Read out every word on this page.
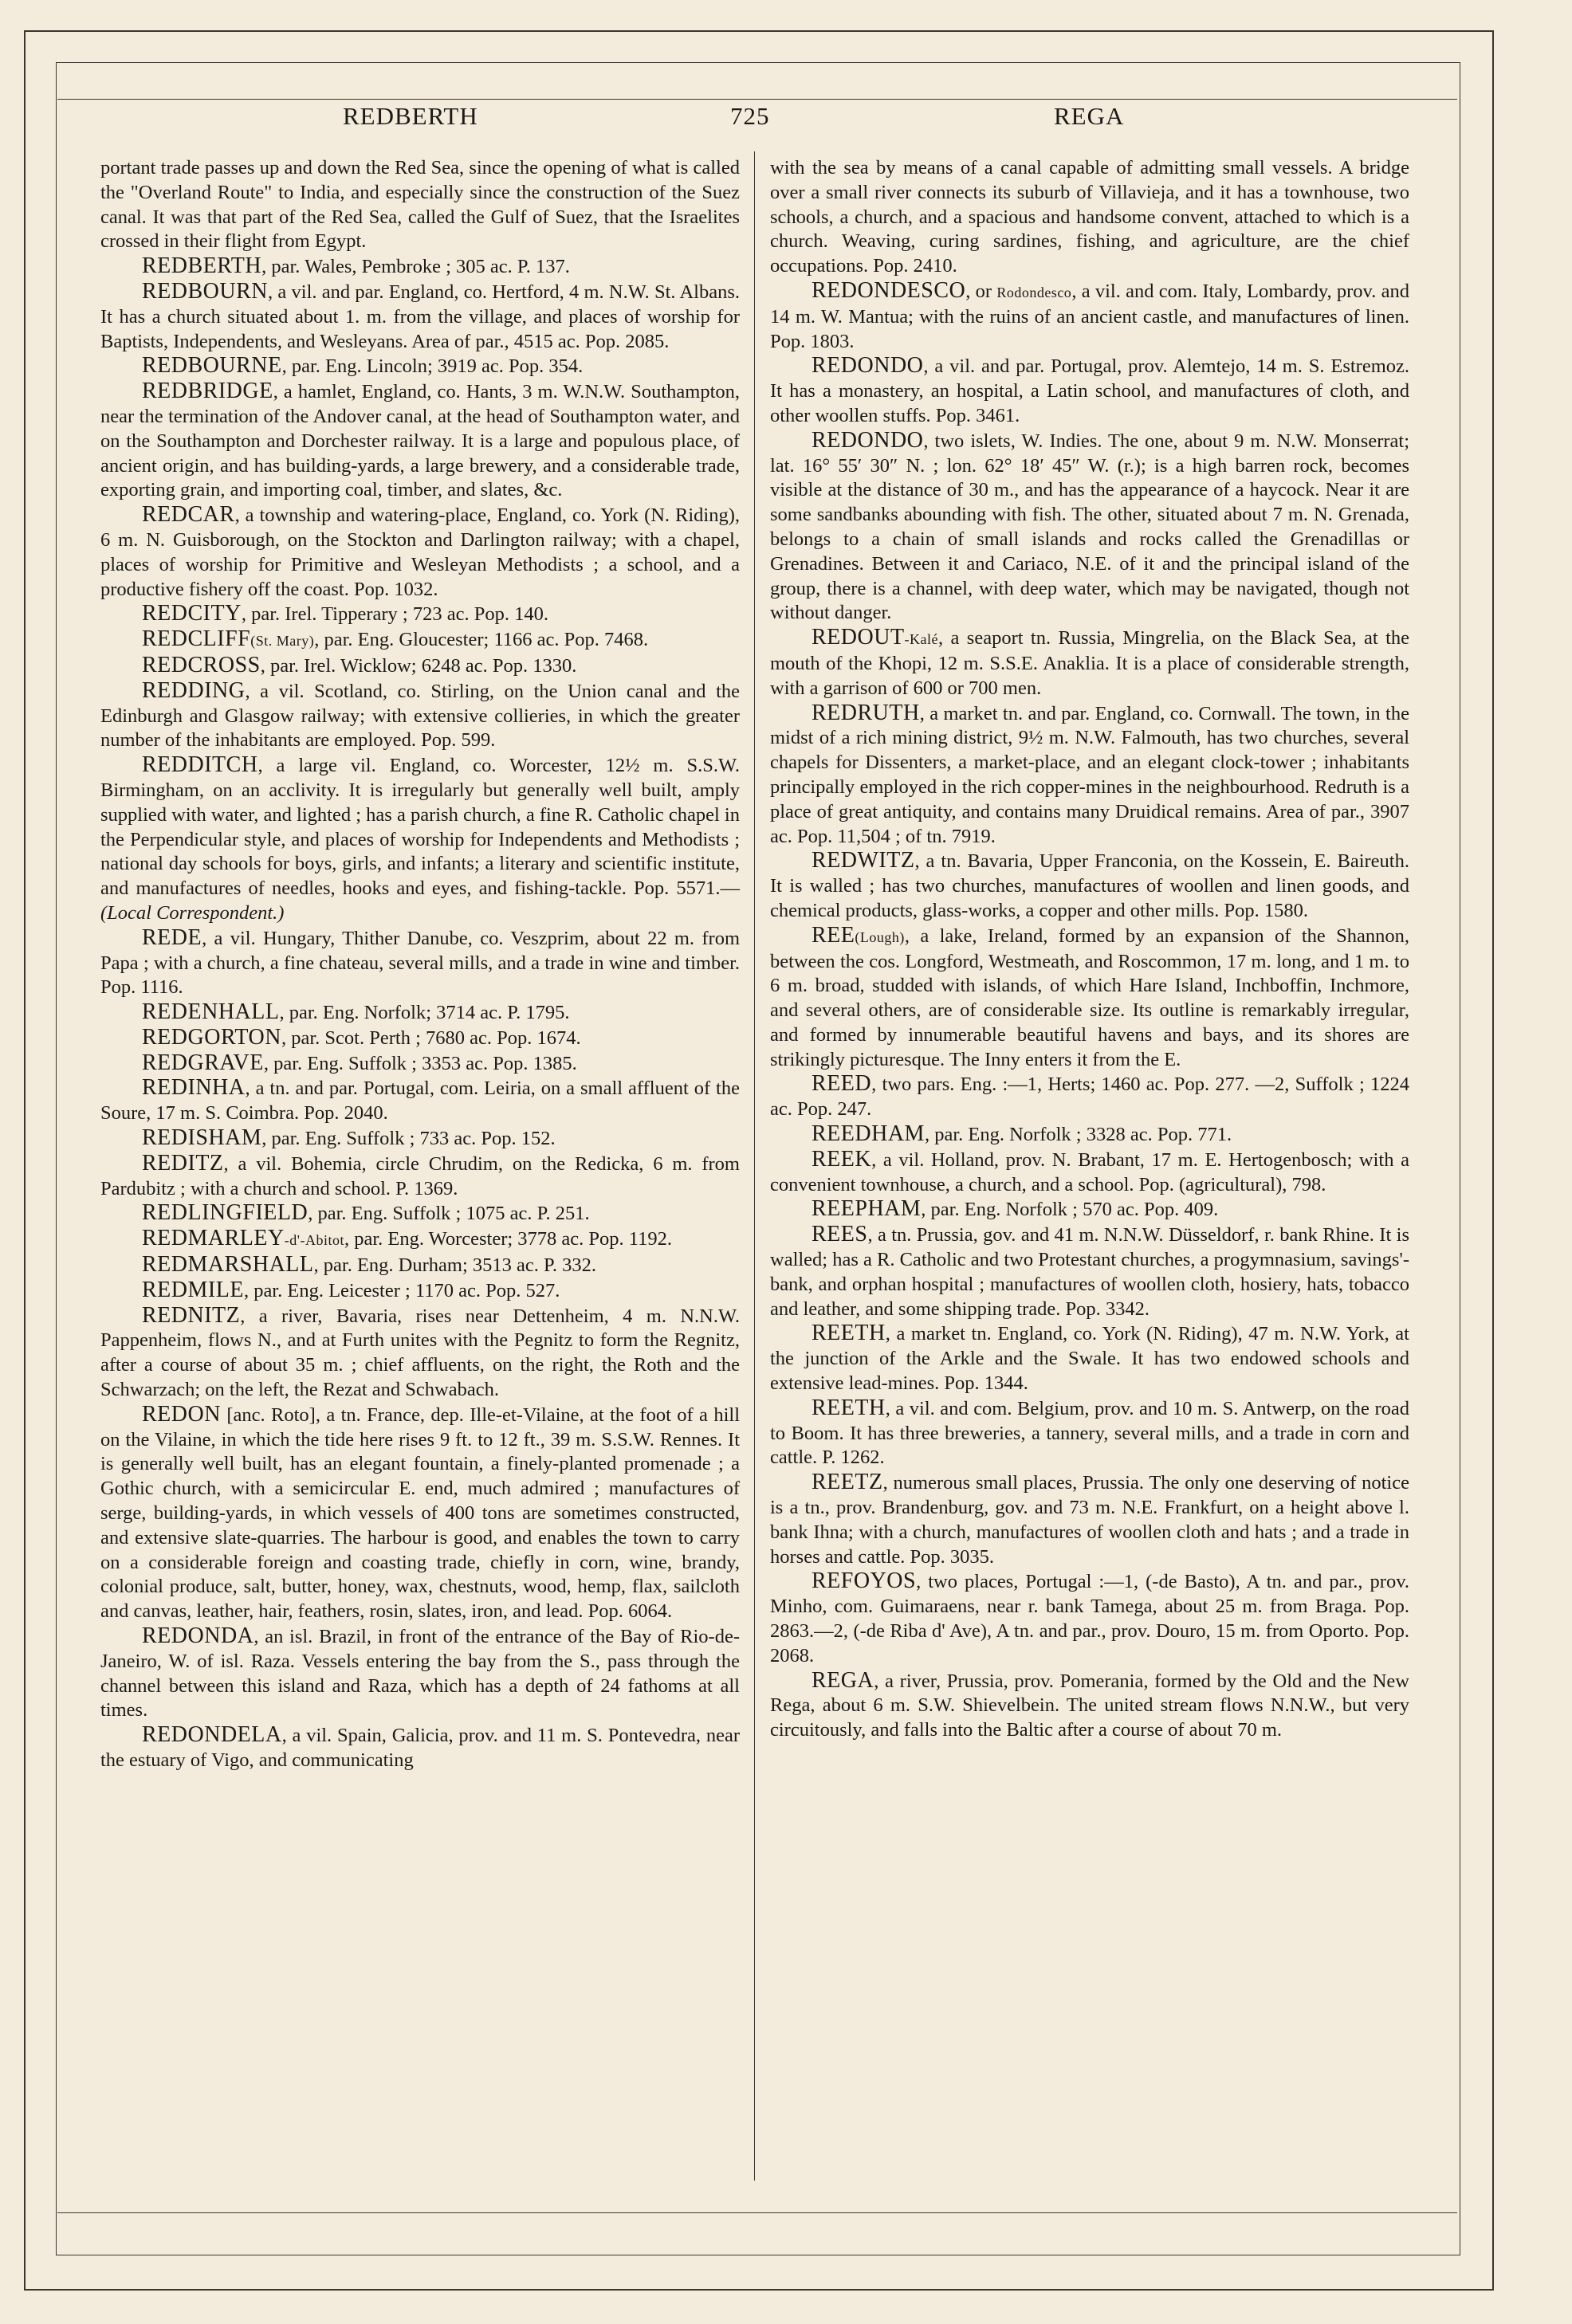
REDBERTH	725	REGA

portant trade passes up and down the Red Sea, since the opening of what is called the "Overland Route" to India, and especially since the construction of the Suez canal. It was that part of the Red Sea, called the Gulf of Suez, that the Israelites crossed in their flight from Egypt.

REDBERTH, par. Wales, Pembroke ; 305 ac. P. 137.

REDBOURN, a vil. and par. England, co. Hertford, 4 m. N.W. St. Albans. It has a church situated about 1. m. from the village, and places of worship for Baptists, Independents, and Wesleyans. Area of par., 4515 ac. Pop. 2085.

REDBOURNE, par. Eng. Lincoln; 3919 ac. Pop. 354.

REDBRIDGE, a hamlet, England, co. Hants, 3 m. W.N.W. Southampton, near the termination of the Andover canal, at the head of Southampton water, and on the Southampton and Dorchester railway. It is a large and populous place, of ancient origin, and has building-yards, a large brewery, and a considerable trade, exporting grain, and importing coal, timber, and slates, &c.

REDCAR, a township and watering-place, England, co. York (N. Riding), 6 m. N. Guisborough, on the Stockton and Darlington railway; with a chapel, places of worship for Primitive and Wesleyan Methodists ; a school, and a productive fishery off the coast. Pop. 1032.

REDCITY, par. Irel. Tipperary ; 723 ac. Pop. 140.

REDCLIFF(St. Mary), par. Eng. Gloucester; 1166 ac. Pop. 7468.

REDCROSS, par. Irel. Wicklow; 6248 ac. Pop. 1330.

REDDING, a vil. Scotland, co. Stirling, on the Union canal and the Edinburgh and Glasgow railway; with extensive collieries, in which the greater number of the inhabitants are employed. Pop. 599.

REDDITCH, a large vil. England, co. Worcester, 12½ m. S.S.W. Birmingham, on an acclivity. It is irregularly but generally well built, amply supplied with water, and lighted ; has a parish church, a fine R. Catholic chapel in the Perpendicular style, and places of worship for Independents and Methodists ; national day schools for boys, girls, and infants; a literary and scientific institute, and manufactures of needles, hooks and eyes, and fishing-tackle. Pop. 5571.—(Local Correspondent.)

REDE, a vil. Hungary, Thither Danube, co. Veszprim, about 22 m. from Papa ; with a church, a fine chateau, several mills, and a trade in wine and timber. Pop. 1116.

REDENHALL, par. Eng. Norfolk; 3714 ac. P. 1795.

REDGORTON, par. Scot. Perth ; 7680 ac. Pop. 1674.

REDGRAVE, par. Eng. Suffolk ; 3353 ac. Pop. 1385.

REDINHA, a tn. and par. Portugal, com. Leiria, on a small affluent of the Soure, 17 m. S. Coimbra. Pop. 2040.

REDISHAM, par. Eng. Suffolk ; 733 ac. Pop. 152.

REDITZ, a vil. Bohemia, circle Chrudim, on the Redicka, 6 m. from Pardubitz ; with a church and school. P. 1369.

REDLINGFIELD, par. Eng. Suffolk ; 1075 ac. P. 251.

REDMARLEY-d'-Abitot, par. Eng. Worcester; 3778 ac. Pop. 1192.

REDMARSHALL, par. Eng. Durham; 3513 ac. P. 332.

REDMILE, par. Eng. Leicester ; 1170 ac. Pop. 527.

REDNITZ, a river, Bavaria, rises near Dettenheim, 4 m. N.N.W. Pappenheim, flows N., and at Furth unites with the Pegnitz to form the Regnitz, after a course of about 35 m. ; chief affluents, on the right, the Roth and the Schwarzach; on the left, the Rezat and Schwabach.

REDON [anc. Roto], a tn. France, dep. Ille-et-Vilaine, at the foot of a hill on the Vilaine, in which the tide here rises 9 ft. to 12 ft., 39 m. S.S.W. Rennes. It is generally well built, has an elegant fountain, a finely-planted promenade ; a Gothic church, with a semicircular E. end, much admired ; manufactures of serge, building-yards, in which vessels of 400 tons are sometimes constructed, and extensive slate-quarries. The harbour is good, and enables the town to carry on a considerable foreign and coasting trade, chiefly in corn, wine, brandy, colonial produce, salt, butter, honey, wax, chestnuts, wood, hemp, flax, sailcloth and canvas, leather, hair, feathers, rosin, slates, iron, and lead. Pop. 6064.

REDONDA, an isl. Brazil, in front of the entrance of the Bay of Rio-de-Janeiro, W. of isl. Raza. Vessels entering the bay from the S., pass through the channel between this island and Raza, which has a depth of 24 fathoms at all times.

REDONDELA, a vil. Spain, Galicia, prov. and 11 m. S. Pontevedra, near the estuary of Vigo, and communicating

with the sea by means of a canal capable of admitting small vessels. A bridge over a small river connects its suburb of Villavieja, and it has a townhouse, two schools, a church, and a spacious and handsome convent, attached to which is a church. Weaving, curing sardines, fishing, and agriculture, are the chief occupations. Pop. 2410.

REDONDESCO, or Rodondesco, a vil. and com. Italy, Lombardy, prov. and 14 m. W. Mantua; with the ruins of an ancient castle, and manufactures of linen. Pop. 1803.

REDONDO, a vil. and par. Portugal, prov. Alemtejo, 14 m. S. Estremoz. It has a monastery, an hospital, a Latin school, and manufactures of cloth, and other woollen stuffs. Pop. 3461.

REDONDO, two islets, W. Indies. The one, about 9 m. N.W. Monserrat; lat. 16° 55′ 30″ N. ; lon. 62° 18′ 45″ W. (r.); is a high barren rock, becomes visible at the distance of 30 m., and has the appearance of a haycock. Near it are some sandbanks abounding with fish. The other, situated about 7 m. N. Grenada, belongs to a chain of small islands and rocks called the Grenadillas or Grenadines. Between it and Cariaco, N.E. of it and the principal island of the group, there is a channel, with deep water, which may be navigated, though not without danger.

REDOUT-Kalé, a seaport tn. Russia, Mingrelia, on the Black Sea, at the mouth of the Khopi, 12 m. S.S.E. Anaklia. It is a place of considerable strength, with a garrison of 600 or 700 men.

REDRUTH, a market tn. and par. England, co. Cornwall. The town, in the midst of a rich mining district, 9½ m. N.W. Falmouth, has two churches, several chapels for Dissenters, a market-place, and an elegant clock-tower ; inhabitants principally employed in the rich copper-mines in the neighbourhood. Redruth is a place of great antiquity, and contains many Druidical remains. Area of par., 3907 ac. Pop. 11,504 ; of tn. 7919.

REDWITZ, a tn. Bavaria, Upper Franconia, on the Kossein, E. Baireuth. It is walled ; has two churches, manufactures of woollen and linen goods, and chemical products, glass-works, a copper and other mills. Pop. 1580.

REE(Lough), a lake, Ireland, formed by an expansion of the Shannon, between the cos. Longford, Westmeath, and Roscommon, 17 m. long, and 1 m. to 6 m. broad, studded with islands, of which Hare Island, Inchboffin, Inchmore, and several others, are of considerable size. Its outline is remarkably irregular, and formed by innumerable beautiful havens and bays, and its shores are strikingly picturesque. The Inny enters it from the E.

REED, two pars. Eng. :—1, Herts; 1460 ac. Pop. 277. —2, Suffolk ; 1224 ac. Pop. 247.

REEDHAM, par. Eng. Norfolk ; 3328 ac. Pop. 771.

REEK, a vil. Holland, prov. N. Brabant, 17 m. E. Hertogenbosch; with a convenient townhouse, a church, and a school. Pop. (agricultural), 798.

REEPHAM, par. Eng. Norfolk ; 570 ac. Pop. 409.

REES, a tn. Prussia, gov. and 41 m. N.N.W. Düsseldorf, r. bank Rhine. It is walled; has a R. Catholic and two Protestant churches, a progymnasium, savings'-bank, and orphan hospital ; manufactures of woollen cloth, hosiery, hats, tobacco and leather, and some shipping trade. Pop. 3342.

REETH, a market tn. England, co. York (N. Riding), 47 m. N.W. York, at the junction of the Arkle and the Swale. It has two endowed schools and extensive lead-mines. Pop. 1344.

REETH, a vil. and com. Belgium, prov. and 10 m. S. Antwerp, on the road to Boom. It has three breweries, a tannery, several mills, and a trade in corn and cattle. P. 1262.

REETZ, numerous small places, Prussia. The only one deserving of notice is a tn., prov. Brandenburg, gov. and 73 m. N.E. Frankfurt, on a height above l. bank Ihna; with a church, manufactures of woollen cloth and hats ; and a trade in horses and cattle. Pop. 3035.

REFOYOS, two places, Portugal :—1, (-de Basto), A tn. and par., prov. Minho, com. Guimaraens, near r. bank Tamega, about 25 m. from Braga. Pop. 2863.—2, (-de Riba d' Ave), A tn. and par., prov. Douro, 15 m. from Oporto. Pop. 2068.

REGA, a river, Prussia, prov. Pomerania, formed by the Old and the New Rega, about 6 m. S.W. Shievelbein. The united stream flows N.N.W., but very circuitously, and falls into the Baltic after a course of about 70 m.
